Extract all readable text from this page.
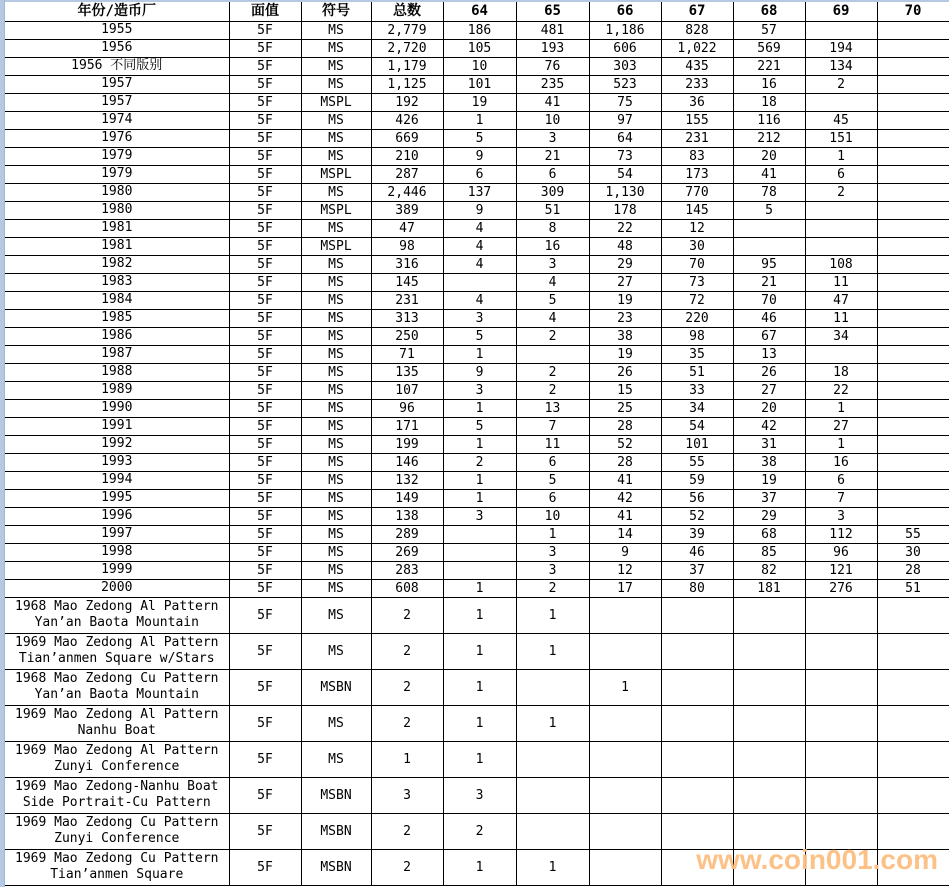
年份/造币厂	面值	符号	总数	64	65	66	67	68	69	70

1955	5F	MS	2,779	186	481	1,186	828	57		

1956	5F	MS	2,720	105	193	606	1,022	569	194	

1956 不同版别	5F	MS	1,179	10	76	303	435	221	134	

1957	5F	MS	1,125	101	235	523	233	16	2	

1957	5F	MSPL	192	19	41	75	36	18		

1974	5F	MS	426	1	10	97	155	116	45	

1976	5F	MS	669	5	3	64	231	212	151	

1979	5F	MS	210	9	21	73	83	20	1	

1979	5F	MSPL	287	6	6	54	173	41	6	

1980	5F	MS	2,446	137	309	1,130	770	78	2	

1980	5F	MSPL	389	9	51	178	145	5		

1981	5F	MS	47	4	8	22	12			

1981	5F	MSPL	98	4	16	48	30			

1982	5F	MS	316	4	3	29	70	95	108	

1983	5F	MS	145		4	27	73	21	11	

1984	5F	MS	231	4	5	19	72	70	47	

1985	5F	MS	313	3	4	23	220	46	11	

1986	5F	MS	250	5	2	38	98	67	34	

1987	5F	MS	71	1		19	35	13		

1988	5F	MS	135	9	2	26	51	26	18	

1989	5F	MS	107	3	2	15	33	27	22	

1990	5F	MS	96	1	13	25	34	20	1	

1991	5F	MS	171	5	7	28	54	42	27	

1992	5F	MS	199	1	11	52	101	31	1	

1993	5F	MS	146	2	6	28	55	38	16	

1994	5F	MS	132	1	5	41	59	19	6	

1995	5F	MS	149	1	6	42	56	37	7	

1996	5F	MS	138	3	10	41	52	29	3	

1997	5F	MS	289		1	14	39	68	112	55

1998	5F	MS	269		3	9	46	85	96	30

1999	5F	MS	283		3	12	37	82	121	28

2000	5F	MS	608	1	2	17	80	181	276	51

1968 Mao Zedong Al Pattern
Yan’an Baota Mountain	5F	MS	2	1	1					

1969 Mao Zedong Al Pattern
Tian’anmen Square w/Stars	5F	MS	2	1	1					

1968 Mao Zedong Cu Pattern
Yan’an Baota Mountain	5F	MSBN	2	1		1				

1969 Mao Zedong Al Pattern
Nanhu Boat	5F	MS	2	1	1					

1969 Mao Zedong Al Pattern
Zunyi Conference	5F	MS	1	1						

1969 Mao Zedong-Nanhu Boat
Side Portrait-Cu Pattern	5F	MSBN	3	3						

1969 Mao Zedong Cu Pattern
Zunyi Conference	5F	MSBN	2	2						

1969 Mao Zedong Cu Pattern
Tian’anmen Square	5F	MSBN	2	1	1						www.coin001.com
